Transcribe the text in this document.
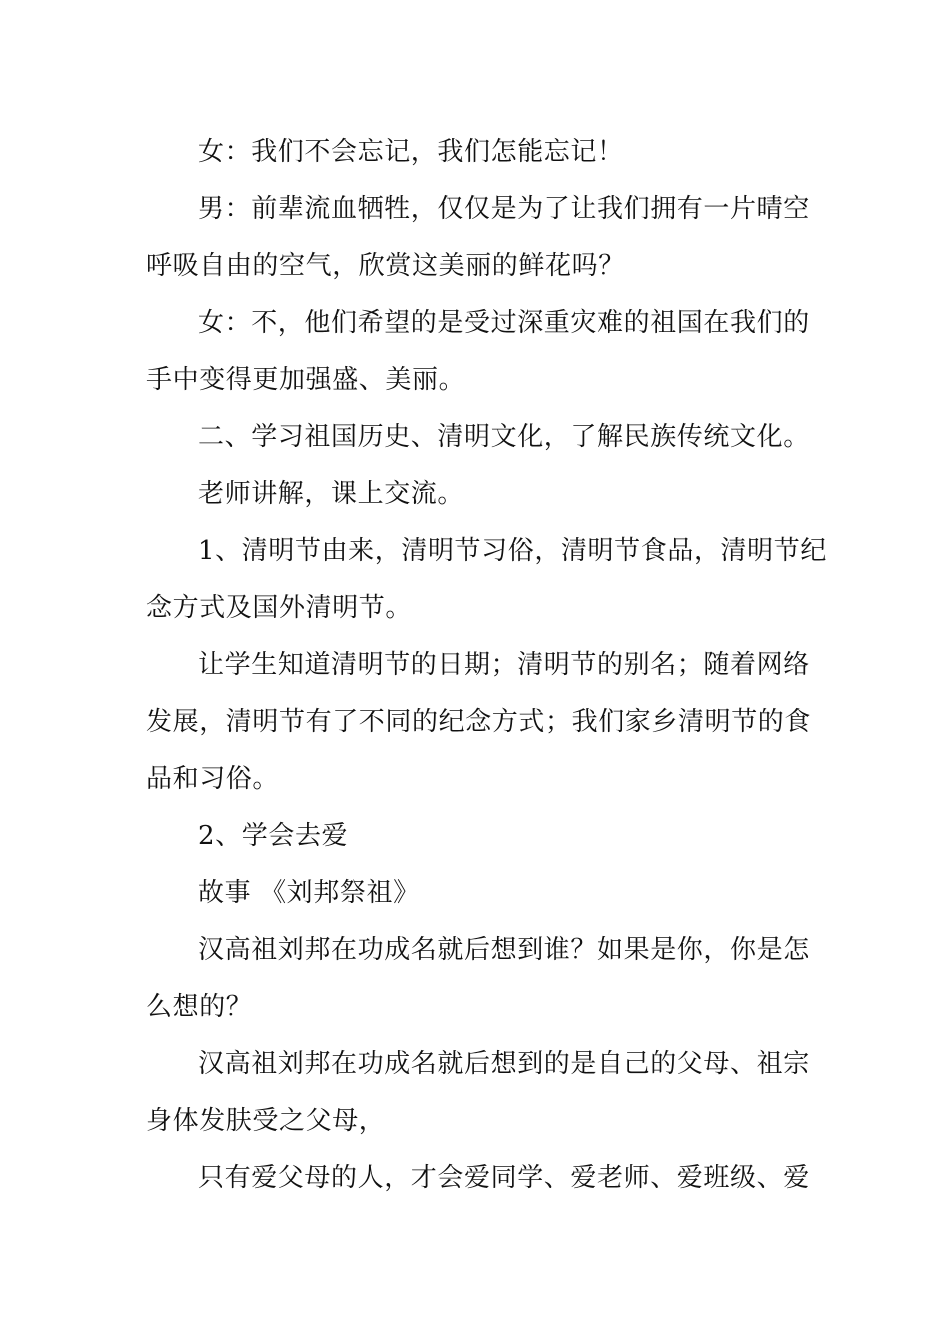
女：我们不会忘记，我们怎能忘记！
男：前辈流血牺牲，仅仅是为了让我们拥有一片晴空
呼吸自由的空气，欣赏这美丽的鲜花吗？
女：不，他们希望的是受过深重灾难的祖国在我们的
手中变得更加强盛、美丽。
二、学习祖国历史、清明文化，了解民族传统文化。
老师讲解，课上交流。
1、清明节由来，清明节习俗，清明节食品，清明节纪
念方式及国外清明节。
让学生知道清明节的日期；清明节的别名；随着网络
发展，清明节有了不同的纪念方式；我们家乡清明节的食
品和习俗。
2、学会去爱
故事 《刘邦祭祖》
汉高祖刘邦在功成名就后想到谁？如果是你，你是怎
么想的？
汉高祖刘邦在功成名就后想到的是自己的父母、祖宗
身体发肤受之父母，
只有爱父母的人，才会爱同学、爱老师、爱班级、爱
